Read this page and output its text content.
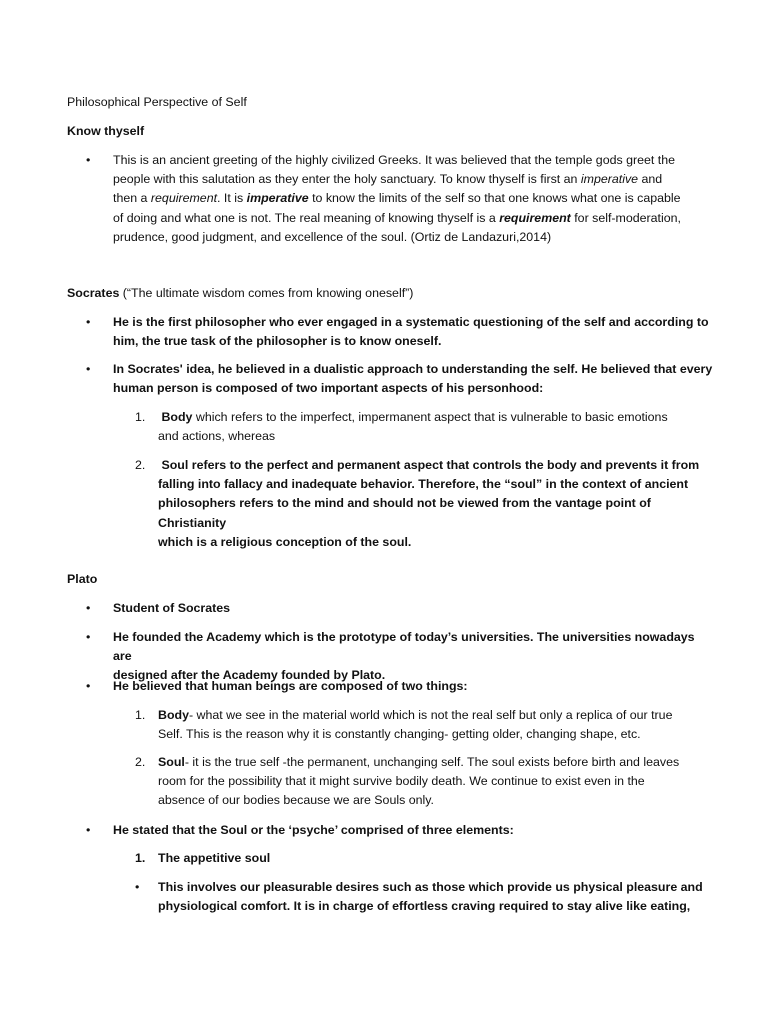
Philosophical Perspective of Self

Know thyself

•	This is an ancient greeting of the highly civilized Greeks. It was believed that the temple gods greet the

people with this salutation as they enter the holy sanctuary. To know thyself is first an imperative and

then a requirement. It is imperative to know the limits of the self so that one knows what one is capable

of doing and what one is not. The real meaning of knowing thyself is a requirement for self-moderation,

prudence, good judgment, and excellence of the soul. (Ortiz de Landazuri,2014)

Socrates (“The ultimate wisdom comes from knowing oneself”)

•	He is the first philosopher who ever engaged in a systematic questioning of the self and according to

him, the true task of the philosopher is to know oneself.

•	In Socrates' idea, he believed in a dualistic approach to understanding the self. He believed that every

human person is composed of two important aspects of his personhood:

1.	Body which refers to the imperfect, impermanent aspect that is vulnerable to basic emotions

and actions, whereas

2.	Soul refers to the perfect and permanent aspect that controls the body and prevents it from

falling into fallacy and inadequate behavior. Therefore, the “soul” in the context of ancient

philosophers refers to the mind and should not be viewed from the vantage point of Christianity

which is a religious conception of the soul.

Plato

•	Student of Socrates

•	He founded the Academy which is the prototype of today’s universities. The universities nowadays are

designed after the Academy founded by Plato.

•	He believed that human beings are composed of two things:

1.	Body- what we see in the material world which is not the real self but only a replica of our true

Self. This is the reason why it is constantly changing- getting older, changing shape, etc.

2.	Soul- it is the true self -the permanent, unchanging self. The soul exists before birth and leaves

room for the possibility that it might survive bodily death. We continue to exist even in the

absence of our bodies because we are Souls only.

•	He stated that the Soul or the ‘psyche’ comprised of three elements:

1.	The appetitive soul

•	This involves our pleasurable desires such as those which provide us physical pleasure and

physiological comfort. It is in charge of effortless craving required to stay alive like eating,
